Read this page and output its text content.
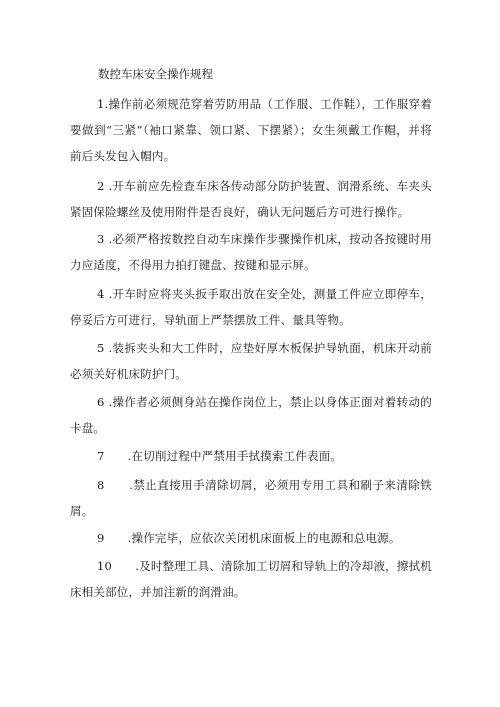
数控车床安全操作规程

1.操作前必须规范穿着劳防用品（工作服、工作鞋），工作服穿着要做到“三紧”（袖口紧靠、领口紧、下摆紧）；女生须戴工作帽，并将前后头发包入帽内。

2 .开车前应先检查车床各传动部分防护装置、润滑系统、车夹头紧固保险螺丝及使用附件是否良好，确认无问题后方可进行操作。

3 .必须严格按数控自动车床操作步骤操作机床，按动各按键时用力应适度，不得用力拍打键盘、按键和显示屏。

4 .开车时应将夹头扳手取出放在安全处，测量工件应立即停车，停妥后方可进行，导轨面上严禁摆放工件、量具等物。

5 .装拆夹头和大工件时，应垫好厚木板保护导轨面，机床开动前必须关好机床防护门。

6 .操作者必须侧身站在操作岗位上，禁止以身体正面对着转动的卡盘。

7      .在切削过程中严禁用手拭摸索工件表面。

8      .禁止直接用手清除切屑，必须用专用工具和刷子来清除铁屑。

9      .操作完毕，应依次关闭机床面板上的电源和总电源。

10      .及时整理工具、清除加工切屑和导轨上的冷却液，擦拭机床相关部位，并加注新的润滑油。
